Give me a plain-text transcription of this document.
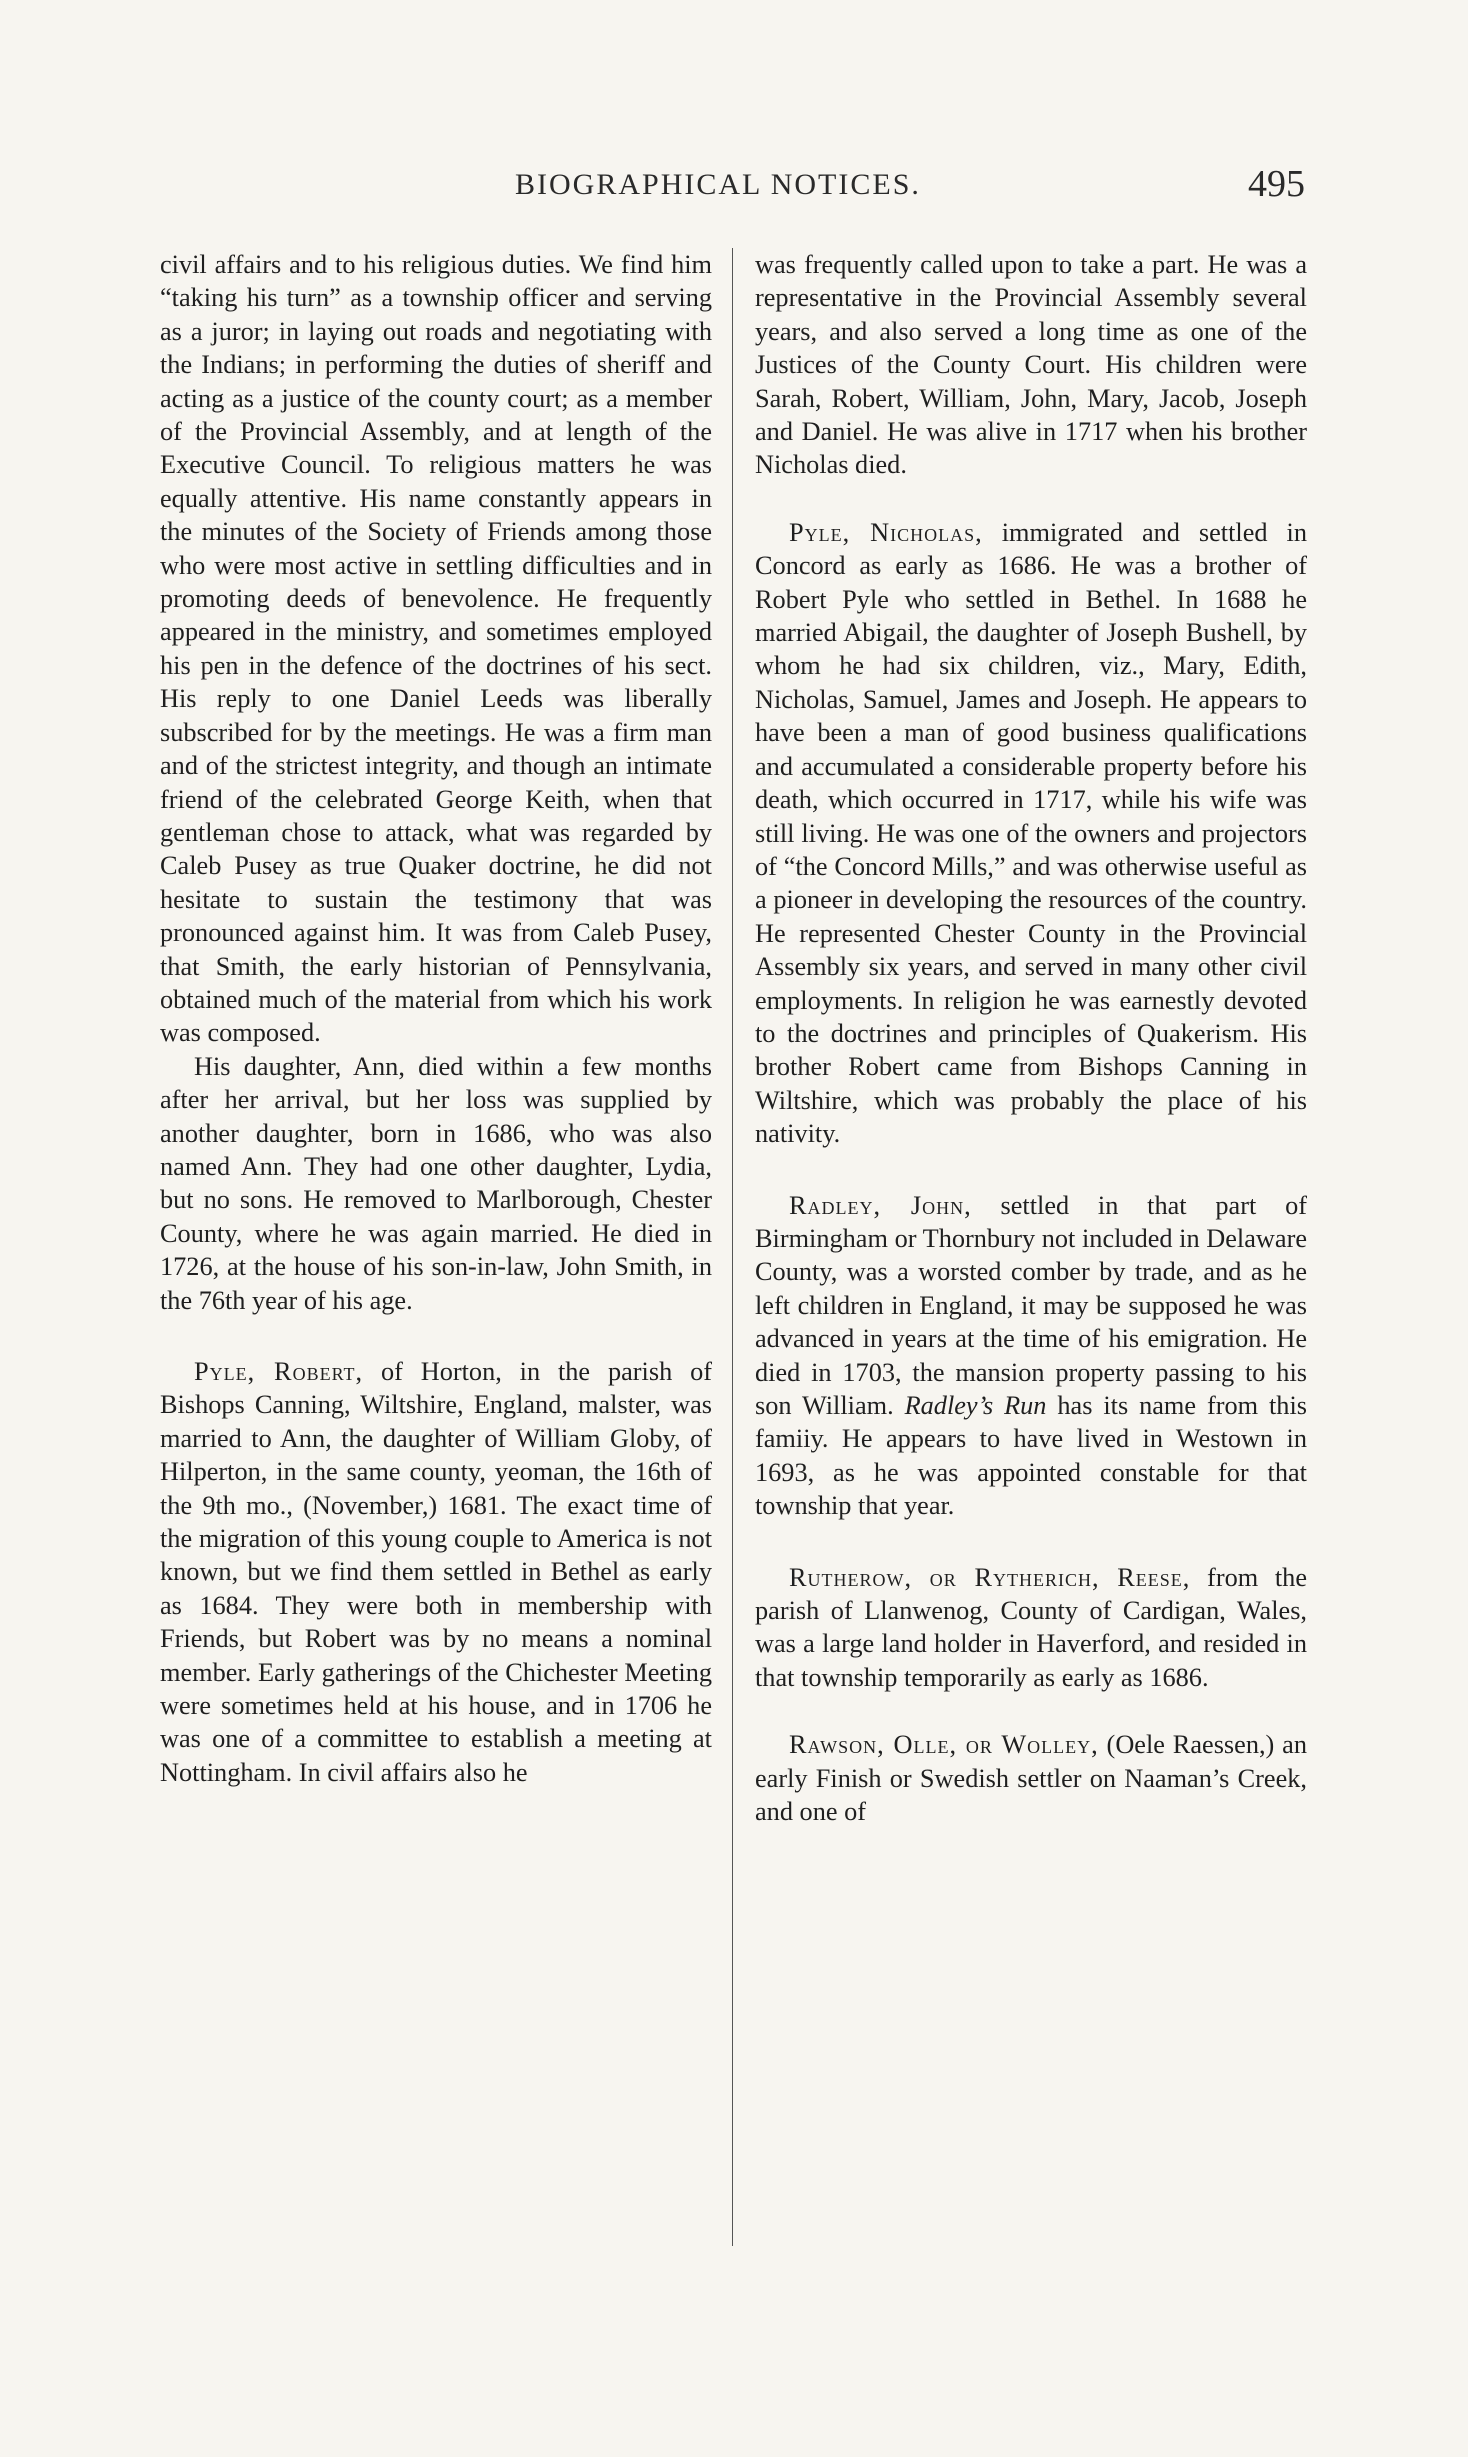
BIOGRAPHICAL NOTICES.	495

civil affairs and to his religious duties. We find him “taking his turn” as a township officer and serving as a juror; in laying out roads and negotiating with the Indians; in performing the duties of sheriff and acting as a justice of the county court; as a member of the Provincial Assembly, and at length of the Executive Council. To religious matters he was equally attentive. His name constantly appears in the minutes of the Society of Friends among those who were most active in settling difficulties and in promoting deeds of benevolence. He frequently appeared in the ministry, and sometimes employed his pen in the defence of the doctrines of his sect. His reply to one Daniel Leeds was liberally subscribed for by the meetings. He was a firm man and of the strictest integrity, and though an intimate friend of the celebrated George Keith, when that gentleman chose to attack, what was regarded by Caleb Pusey as true Quaker doctrine, he did not hesitate to sustain the testimony that was pronounced against him. It was from Caleb Pusey, that Smith, the early historian of Pennsylvania, obtained much of the material from which his work was composed.

His daughter, Ann, died within a few months after her arrival, but her loss was supplied by another daughter, born in 1686, who was also named Ann. They had one other daughter, Lydia, but no sons. He removed to Marlborough, Chester County, where he was again married. He died in 1726, at the house of his son-in-law, John Smith, in the 76th year of his age.

Pyle, Robert, of Horton, in the parish of Bishops Canning, Wiltshire, England, malster, was married to Ann, the daughter of William Globy, of Hilperton, in the same county, yeoman, the 16th of the 9th mo., (November,) 1681. The exact time of the migration of this young couple to America is not known, but we find them settled in Bethel as early as 1684. They were both in membership with Friends, but Robert was by no means a nominal member. Early gatherings of the Chichester Meeting were sometimes held at his house, and in 1706 he was one of a committee to establish a meeting at Nottingham. In civil affairs also he

was frequently called upon to take a part. He was a representative in the Provincial Assembly several years, and also served a long time as one of the Justices of the County Court. His children were Sarah, Robert, William, John, Mary, Jacob, Joseph and Daniel. He was alive in 1717 when his brother Nicholas died.

Pyle, Nicholas, immigrated and settled in Concord as early as 1686. He was a brother of Robert Pyle who settled in Bethel. In 1688 he married Abigail, the daughter of Joseph Bushell, by whom he had six children, viz., Mary, Edith, Nicholas, Samuel, James and Joseph. He appears to have been a man of good business qualifications and accumulated a considerable property before his death, which occurred in 1717, while his wife was still living. He was one of the owners and projectors of “the Concord Mills,” and was otherwise useful as a pioneer in developing the resources of the country. He represented Chester County in the Provincial Assembly six years, and served in many other civil employments. In religion he was earnestly devoted to the doctrines and principles of Quakerism. His brother Robert came from Bishops Canning in Wiltshire, which was probably the place of his nativity.

Radley, John, settled in that part of Birmingham or Thornbury not included in Delaware County, was a worsted comber by trade, and as he left children in England, it may be supposed he was advanced in years at the time of his emigration. He died in 1703, the mansion property passing to his son William. Radley’s Run has its name from this famiiy. He appears to have lived in Westown in 1693, as he was appointed constable for that township that year.

Rutherow, or Rytherich, Reese, from the parish of Llanwenog, County of Cardigan, Wales, was a large land holder in Haverford, and resided in that township temporarily as early as 1686.

Rawson, Olle, or Wolley, (Oele Raessen,) an early Finish or Swedish settler on Naaman’s Creek, and one of
